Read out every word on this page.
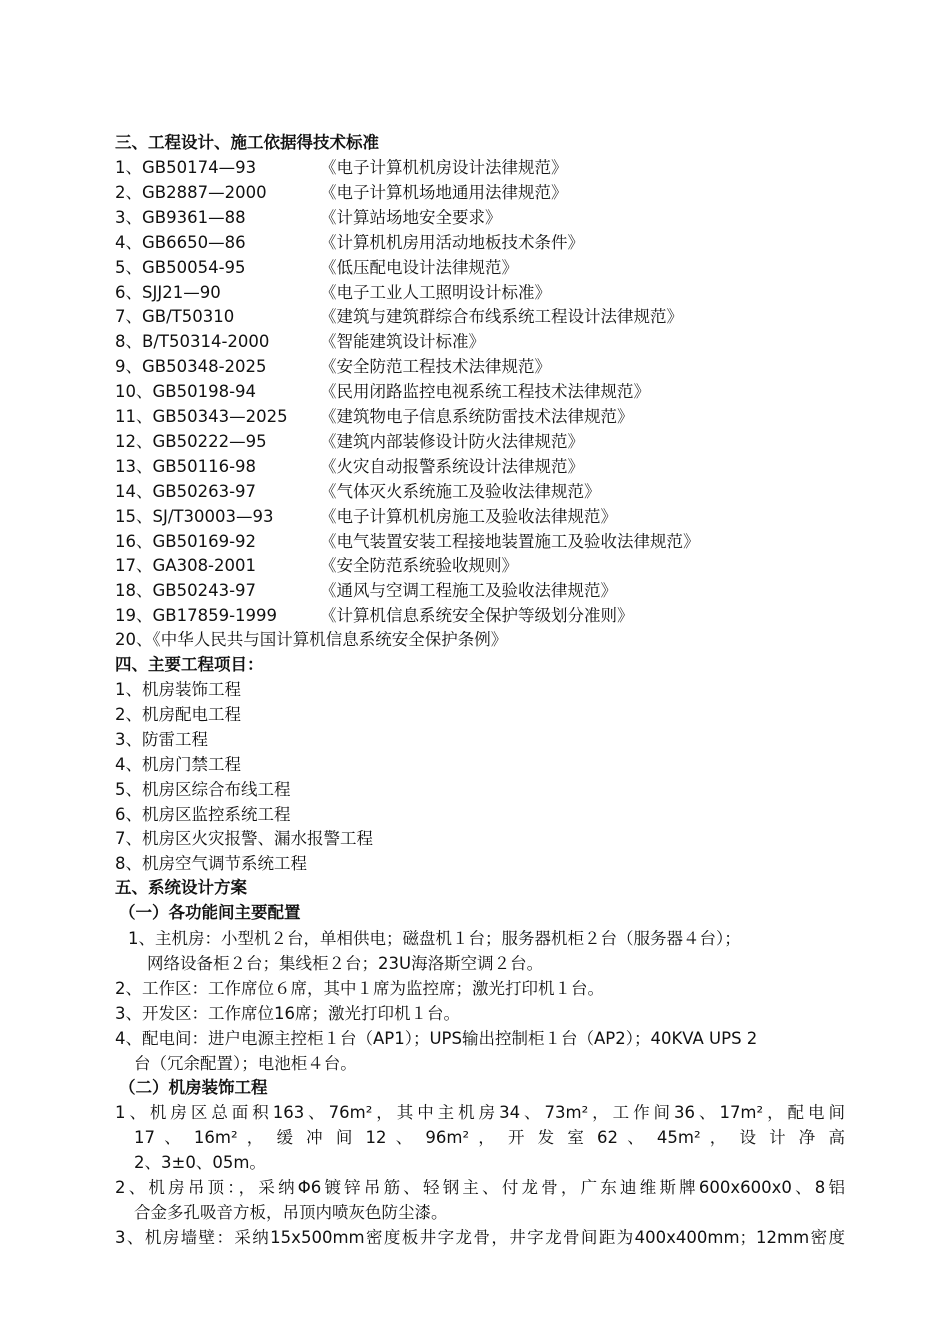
三、工程设计、施工依据得技术标准
1、GB50174—93	《电子计算机机房设计法律规范》
2、GB2887—2000	《电子计算机场地通用法律规范》
3、GB9361—88	《计算站场地安全要求》
4、GB6650—86	《计算机机房用活动地板技术条件》
5、GB50054-95	《低压配电设计法律规范》
6、SJJ21—90	《电子工业人工照明设计标准》
7、GB/T50310	《建筑与建筑群综合布线系统工程设计法律规范》
8、B/T50314-2000	《智能建筑设计标准》
9、GB50348-2025	《安全防范工程技术法律规范》
10、GB50198-94	《民用闭路监控电视系统工程技术法律规范》
11、GB50343—2025 《建筑物电子信息系统防雷技术法律规范》
12、GB50222—95	《建筑内部装修设计防火法律规范》
13、GB50116-98	《火灾自动报警系统设计法律规范》
14、GB50263-97	《气体灭火系统施工及验收法律规范》
15、SJ/T30003—93	《电子计算机机房施工及验收法律规范》
16、GB50169-92	《电气装置安装工程接地装置施工及验收法律规范》
17、GA308-2001	《安全防范系统验收规则》
18、GB50243-97	《通风与空调工程施工及验收法律规范》
19、GB17859-1999	《计算机信息系统安全保护等级划分准则》
20、《中华人民共与国计算机信息系统安全保护条例》
四、主要工程项目：
1、机房装饰工程
2、机房配电工程
3、防雷工程
4、机房门禁工程
5、机房区综合布线工程
6、机房区监控系统工程
7、机房区火灾报警、漏水报警工程
8、机房空气调节系统工程
五、系统设计方案
（一）各功能间主要配置
1、主机房：小型机２台，单相供电；磁盘机１台；服务器机柜２台（服务器４台）；
网络设备柜２台；集线柜２台；23U海洛斯空调２台。
2、工作区：工作席位６席，其中１席为监控席；激光打印机１台。
3、开发区：工作席位16席；激光打印机１台。
4、配电间：进户电源主控柜１台（AP1）；UPS输出控制柜１台（AP2）；40KVA UPS 2
台（冗余配置）；电池柜４台。
（二）机房装饰工程
1、机房区总面积163、76m²，其中主机房34、73m²，工作间36、17m²，配电间
17 、 16m² ， 缓 冲 间 12 、 96m² ， 开 发 室 62 、 45m² ， 设 计 净 高
2、3±0、05m。
2、机房吊顶：，采纳Φ6镀锌吊筋、轻钢主、付龙骨，广东迪维斯牌600x600x0、8铝
合金多孔吸音方板，吊顶内喷灰色防尘漆。
3、机房墙壁：采纳15x500mm密度板井字龙骨，井字龙骨间距为400x400mm；12mm密度
